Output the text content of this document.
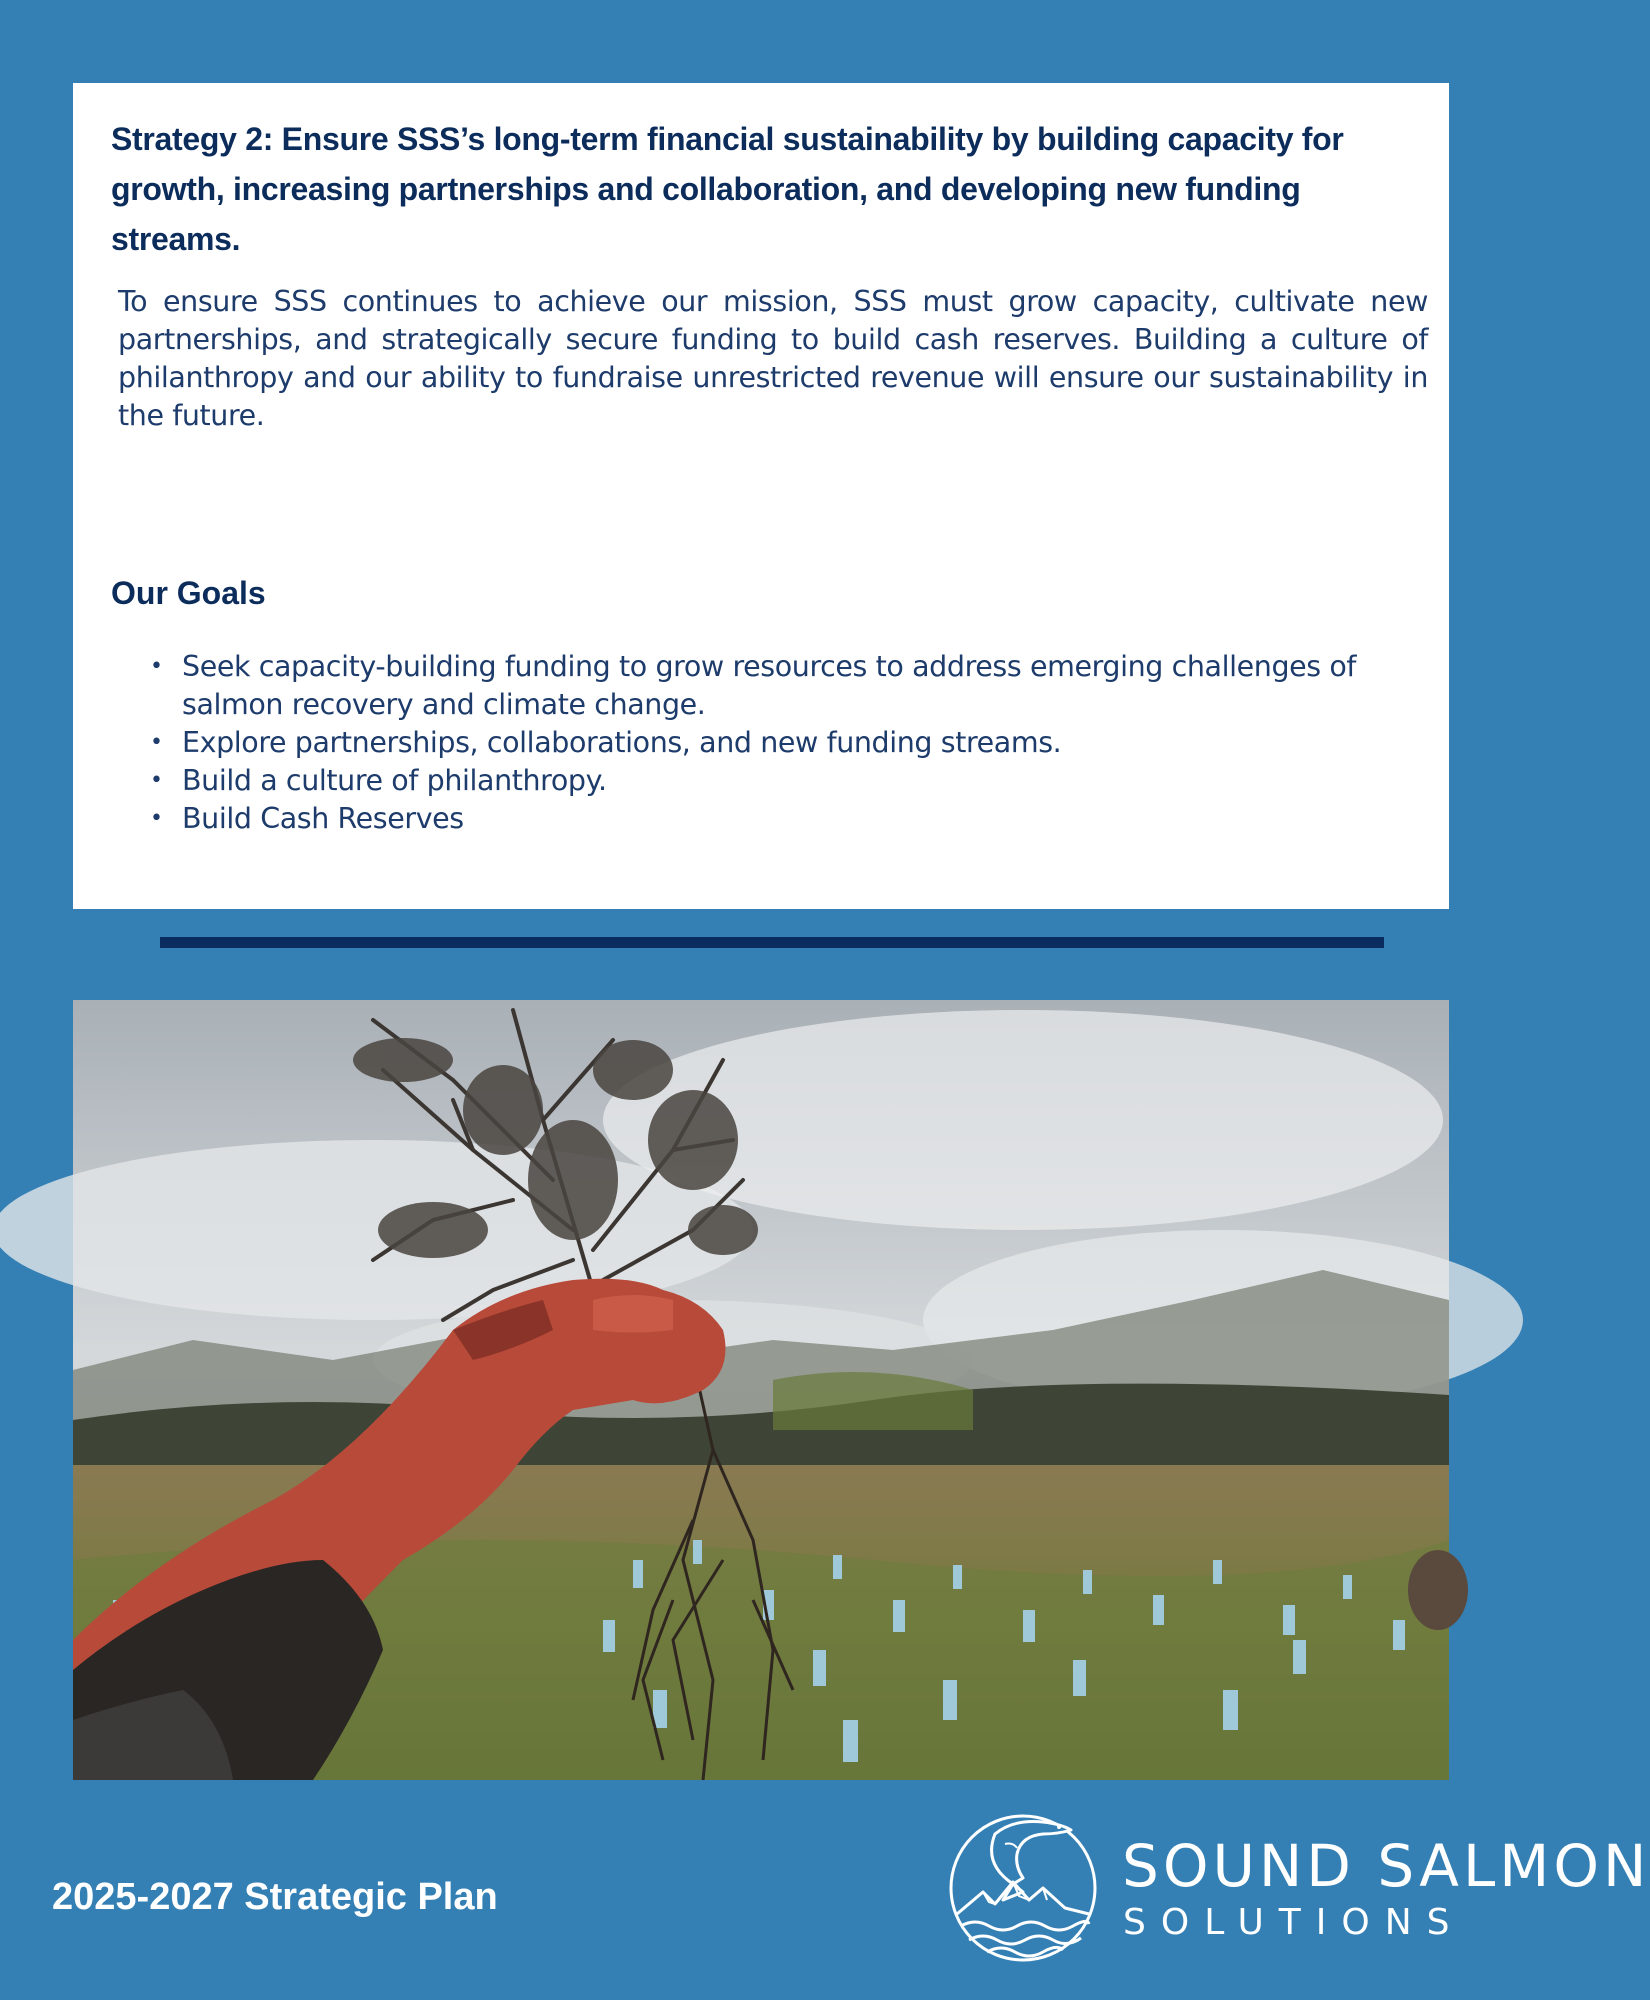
Strategy 2: Ensure SSS’s long-term financial sustainability by building capacity for growth, increasing partnerships and collaboration, and developing new funding streams.

To ensure SSS continues to achieve our mission, SSS must grow capacity, cultivate new partnerships, and strategically secure funding to build cash reserves. Building a culture of philanthropy and our ability to fundraise unrestricted revenue will ensure our sustainability in the future.

Our Goals
• Seek capacity-building funding to grow resources to address emerging challenges of salmon recovery and climate change.
• Explore partnerships, collaborations, and new funding streams.
• Build a culture of philanthropy.
• Build Cash Reserves
2025-2027 Strategic Plan	SOUND SALMON
SOLUTIONS
